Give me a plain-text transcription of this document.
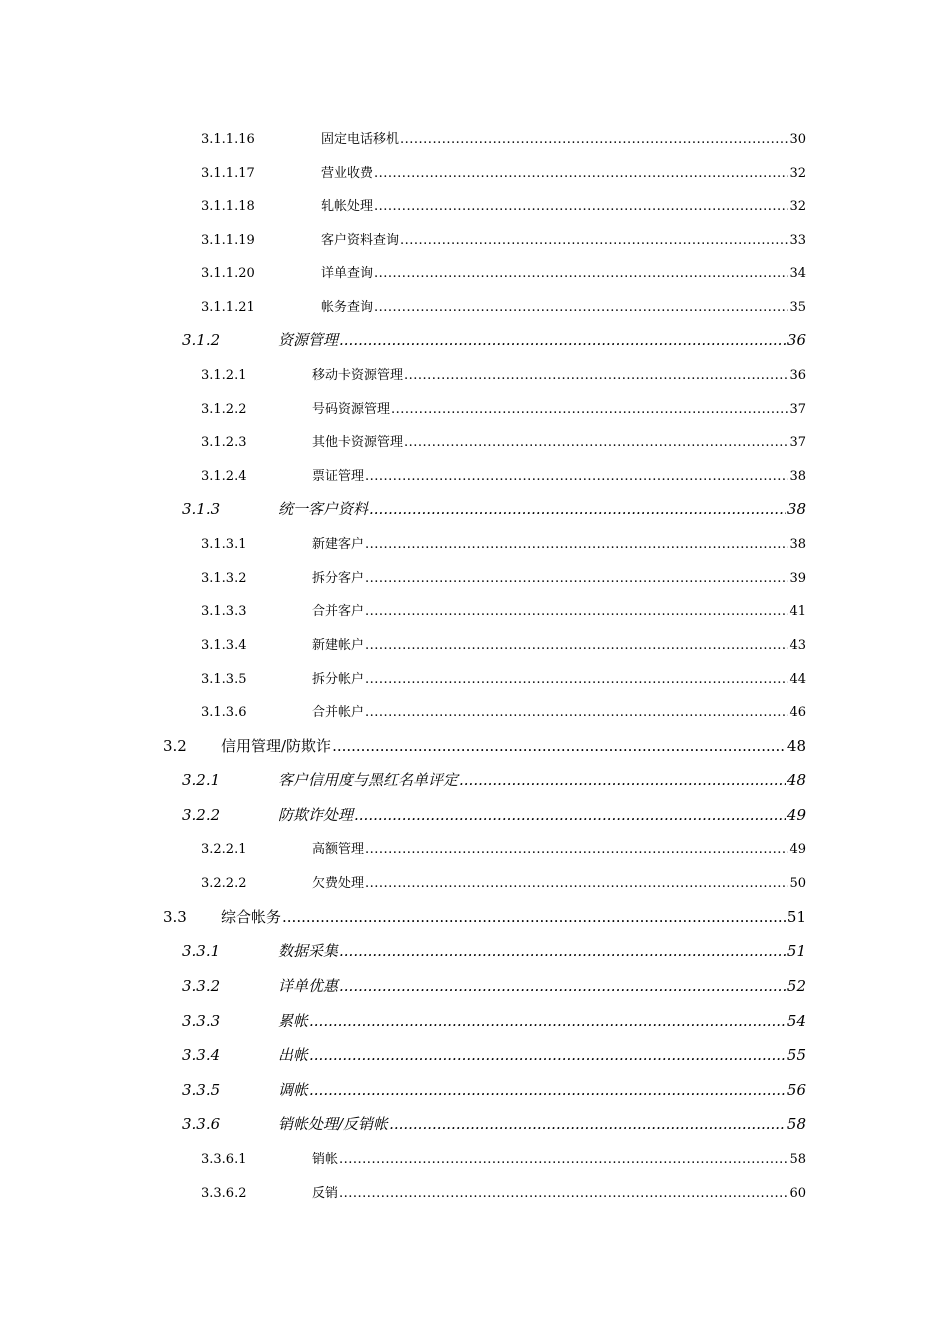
3.1.1.16	固定电话移机 .....	30
3.1.1.17	营业收费 .....	32
3.1.1.18	轧帐处理 .....	32
3.1.1.19	客户资料查询 .....	33
3.1.1.20	详单查询 .....	34
3.1.1.21	帐务查询 .....	35
3.1.2	资源管理 .....	36
3.1.2.1	移动卡资源管理 .....	36
3.1.2.2	号码资源管理 .....	37
3.1.2.3	其他卡资源管理 .....	37
3.1.2.4	票证管理 .....	38
3.1.3	统一客户资料 .....	38
3.1.3.1	新建客户 .....	38
3.1.3.2	拆分客户 .....	39
3.1.3.3	合并客户 .....	41
3.1.3.4	新建帐户 .....	43
3.1.3.5	拆分帐户 .....	44
3.1.3.6	合并帐户 .....	46
3.2	信用管理/防欺诈 .....	48
3.2.1	客户信用度与黑红名单评定 .....	48
3.2.2	防欺诈处理 .....	49
3.2.2.1	高额管理 .....	49
3.2.2.2	欠费处理 .....	50
3.3	综合帐务 .....	51
3.3.1	数据采集 .....	51
3.3.2	详单优惠 .....	52
3.3.3	累帐 .....	54
3.3.4	出帐 .....	55
3.3.5	调帐 .....	56
3.3.6	销帐处理/反销帐 .....	58
3.3.6.1	销帐 .....	58
3.3.6.2	反销 .....	60
